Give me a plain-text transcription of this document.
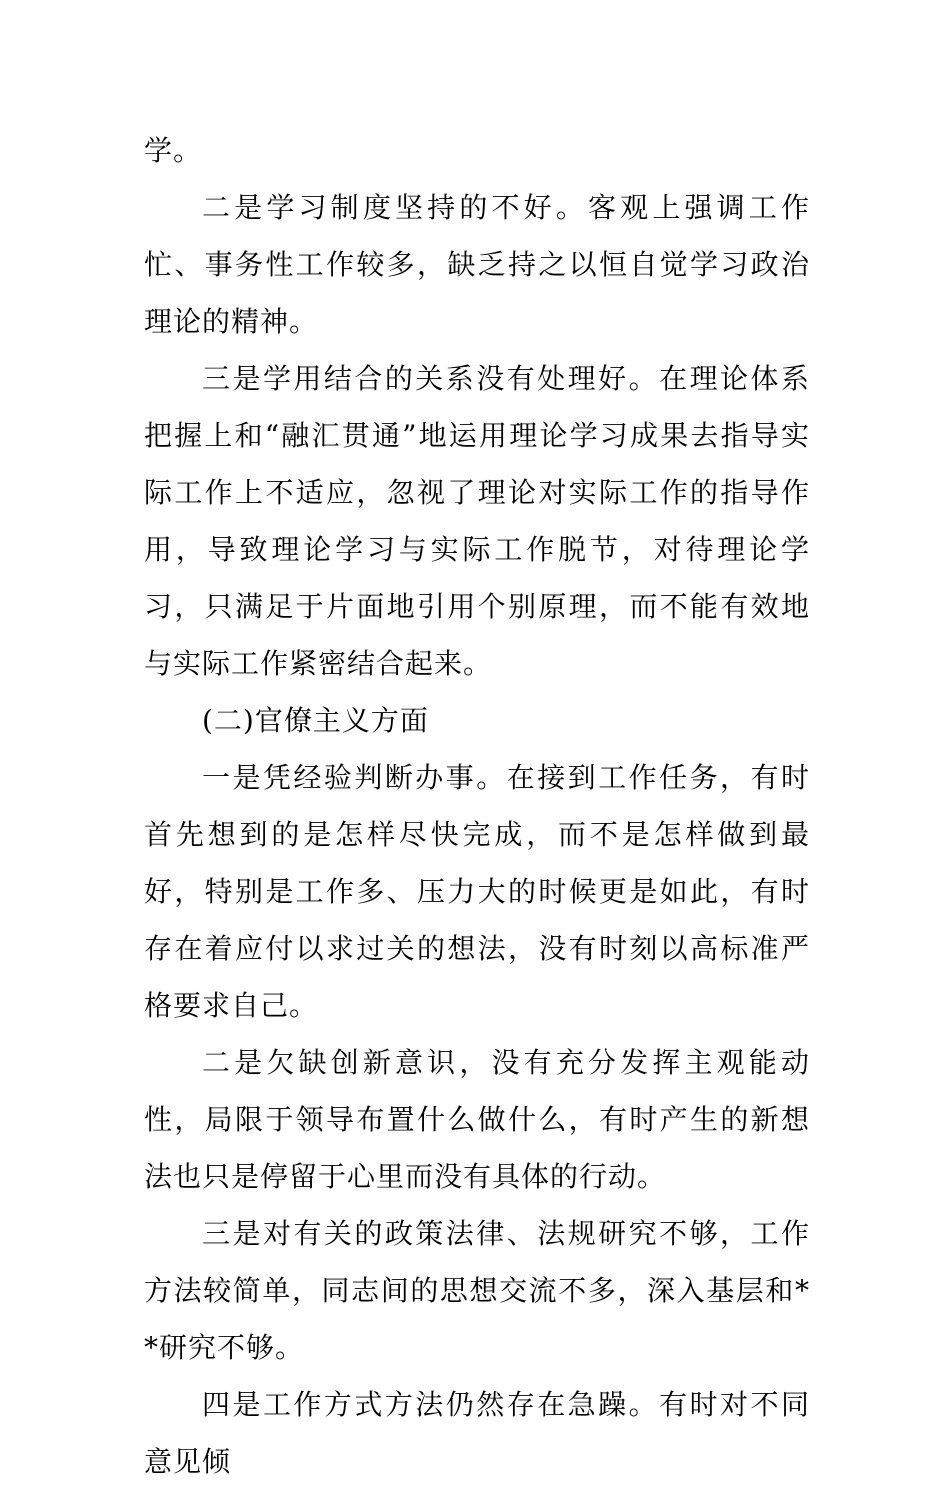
学。

二是学习制度坚持的不好。客观上强调工作忙、事务性工作较多，缺乏持之以恒自觉学习政治理论的精神。

三是学用结合的关系没有处理好。在理论体系把握上和“融汇贯通”地运用理论学习成果去指导实际工作上不适应，忽视了理论对实际工作的指导作用，导致理论学习与实际工作脱节，对待理论学习，只满足于片面地引用个别原理，而不能有效地与实际工作紧密结合起来。

(二)官僚主义方面

一是凭经验判断办事。在接到工作任务，有时首先想到的是怎样尽快完成，而不是怎样做到最好，特别是工作多、压力大的时候更是如此，有时存在着应付以求过关的想法，没有时刻以高标准严格要求自己。

二是欠缺创新意识，没有充分发挥主观能动性，局限于领导布置什么做什么，有时产生的新想法也只是停留于心里而没有具体的行动。

三是对有关的政策法律、法规研究不够，工作方法较简单，同志间的思想交流不多，深入基层和**研究不够。

四是工作方式方法仍然存在急躁。有时对不同意见倾
